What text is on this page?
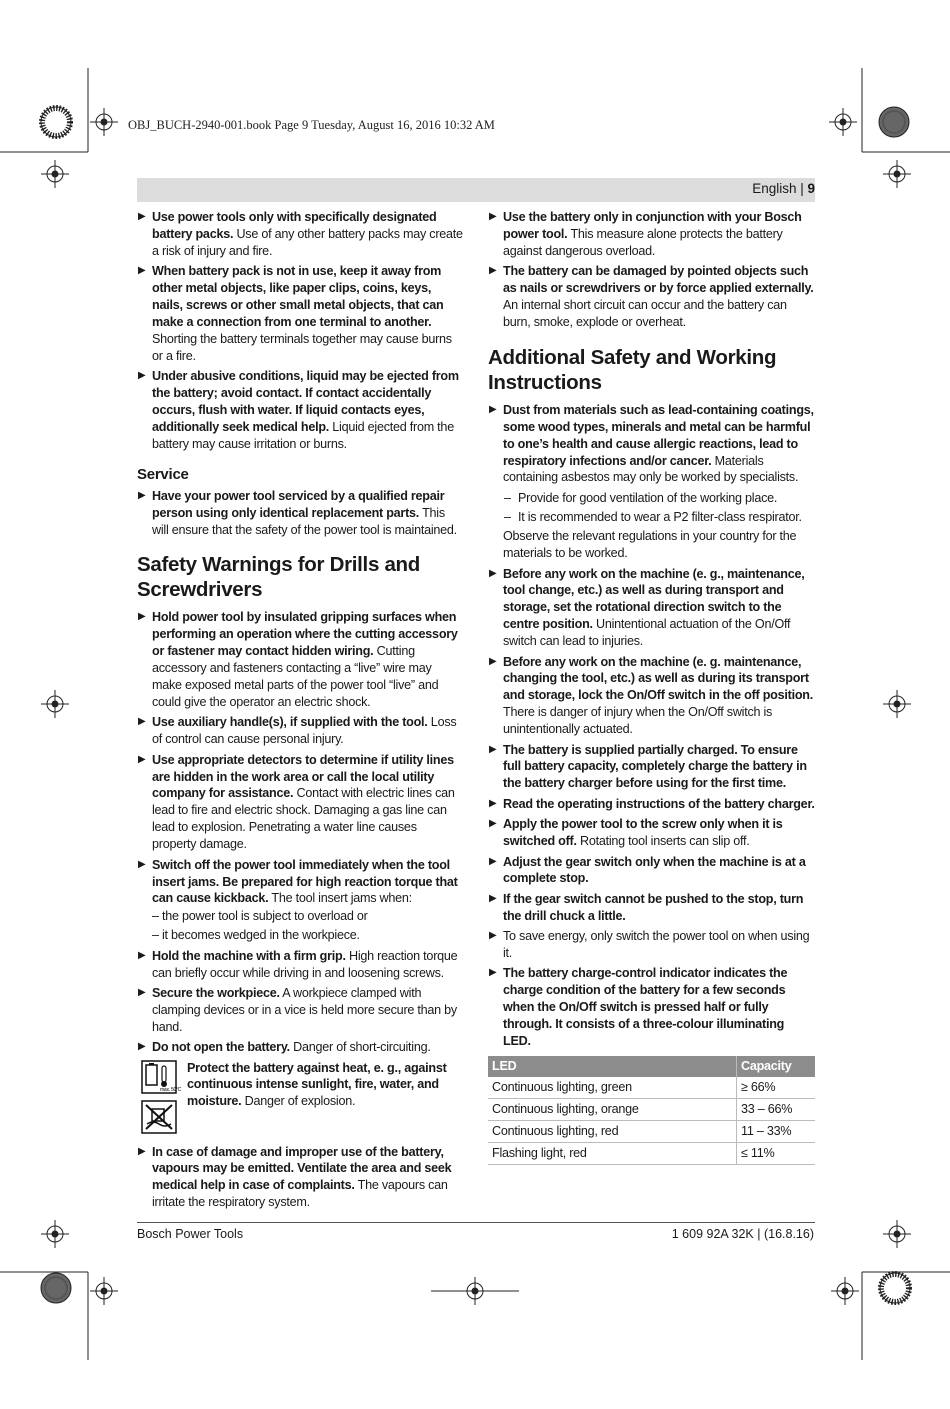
OBJ_BUCH-2940-001.book Page 9 Tuesday, August 16, 2016 10:32 AM
English | 9
▶ Use power tools only with specifically designated battery packs. Use of any other battery packs may create a risk of injury and fire.
▶ When battery pack is not in use, keep it away from other metal objects, like paper clips, coins, keys, nails, screws or other small metal objects, that can make a connection from one terminal to another. Shorting the battery terminals together may cause burns or a fire.
▶ Under abusive conditions, liquid may be ejected from the battery; avoid contact. If contact accidentally occurs, flush with water. If liquid contacts eyes, additionally seek medical help. Liquid ejected from the battery may cause irritation or burns.
Service
▶ Have your power tool serviced by a qualified repair person using only identical replacement parts. This will ensure that the safety of the power tool is maintained.
Safety Warnings for Drills and Screwdrivers
▶ Hold power tool by insulated gripping surfaces when performing an operation where the cutting accessory or fastener may contact hidden wiring. Cutting accessory and fasteners contacting a “live” wire may make exposed metal parts of the power tool “live” and could give the operator an electric shock.
▶ Use auxiliary handle(s), if supplied with the tool. Loss of control can cause personal injury.
▶ Use appropriate detectors to determine if utility lines are hidden in the work area or call the local utility company for assistance. Contact with electric lines can lead to fire and electric shock. Damaging a gas line can lead to explosion. Penetrating a water line causes property damage.
▶ Switch off the power tool immediately when the tool insert jams. Be prepared for high reaction torque that can cause kickback. The tool insert jams when:
– the power tool is subject to overload or
– it becomes wedged in the workpiece.
▶ Hold the machine with a firm grip. High reaction torque can briefly occur while driving in and loosening screws.
▶ Secure the workpiece. A workpiece clamped with clamping devices or in a vice is held more secure than by hand.
▶ Do not open the battery. Danger of short-circuiting.
max. 50°C
Protect the battery against heat, e. g., against continuous intense sunlight, fire, water, and moisture. Danger of explosion.
▶ In case of damage and improper use of the battery, vapours may be emitted. Ventilate the area and seek medical help in case of complaints. The vapours can irritate the respiratory system.
▶ Use the battery only in conjunction with your Bosch power tool. This measure alone protects the battery against dangerous overload.
▶ The battery can be damaged by pointed objects such as nails or screwdrivers or by force applied externally. An internal short circuit can occur and the battery can burn, smoke, explode or overheat.
Additional Safety and Working Instructions
▶ Dust from materials such as lead-containing coatings, some wood types, minerals and metal can be harmful to one’s health and cause allergic reactions, lead to respiratory infections and/or cancer. Materials containing asbestos may only be worked by specialists.
– Provide for good ventilation of the working place.
– It is recommended to wear a P2 filter-class respirator.
Observe the relevant regulations in your country for the materials to be worked.
▶ Before any work on the machine (e. g., maintenance, tool change, etc.) as well as during transport and storage, set the rotational direction switch to the centre position. Unintentional actuation of the On/Off switch can lead to injuries.
▶ Before any work on the machine (e. g. maintenance, changing the tool, etc.) as well as during its transport and storage, lock the On/Off switch in the off position. There is danger of injury when the On/Off switch is unintentionally actuated.
▶ The battery is supplied partially charged. To ensure full battery capacity, completely charge the battery in the battery charger before using for the first time.
▶ Read the operating instructions of the battery charger.
▶ Apply the power tool to the screw only when it is switched off. Rotating tool inserts can slip off.
▶ Adjust the gear switch only when the machine is at a complete stop.
▶ If the gear switch cannot be pushed to the stop, turn the drill chuck a little.
▶ To save energy, only switch the power tool on when using it.
▶ The battery charge-control indicator indicates the charge condition of the battery for a few seconds when the On/Off switch is pressed half or fully through. It consists of a three-colour illuminating LED.
LED	Capacity
Continuous lighting, green	≥ 66%
Continuous lighting, orange	33 – 66%
Continuous lighting, red	11 – 33%
Flashing light, red	≤ 11%
Bosch Power Tools	1 609 92A 32K | (16.8.16)
